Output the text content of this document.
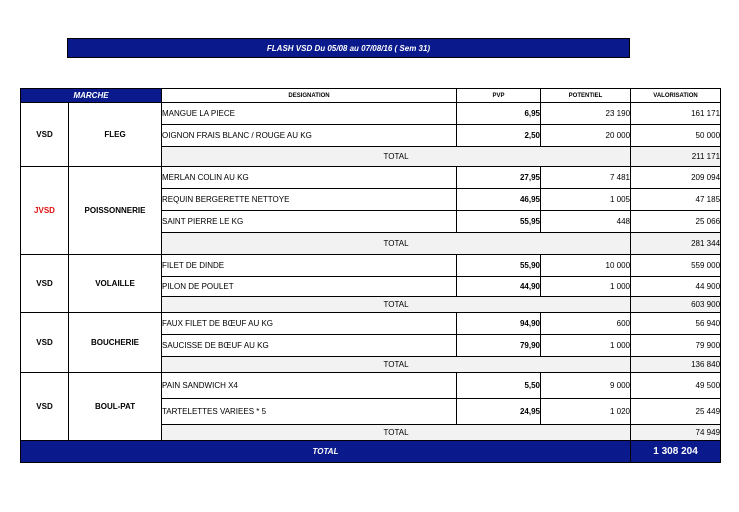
FLASH VSD Du 05/08 au 07/08/16 ( Sem 31)
MARCHE		DESIGNATION	PVP	POTENTIEL	VALORISATION
VSD	FLEG	MANGUE LA PIECE	6,95	23 190	161 171
		OIGNON FRAIS BLANC / ROUGE AU KG	2,50	20 000	50 000
		TOTAL			211 171
JVSD	POISSONNERIE	MERLAN COLIN AU KG	27,95	7 481	209 094
		REQUIN BERGERETTE NETTOYE	46,95	1 005	47 185
		SAINT PIERRE LE KG	55,95	448	25 066
		TOTAL			281 344
VSD	VOLAILLE	FILET DE DINDE	55,90	10 000	559 000
		PILON DE POULET	44,90	1 000	44 900
		TOTAL			603 900
VSD	BOUCHERIE	FAUX FILET DE BŒUF AU KG	94,90	600	56 940
		SAUCISSE DE BŒUF AU KG	79,90	1 000	79 900
		TOTAL			136 840
VSD	BOUL-PAT	PAIN SANDWICH X4	5,50	9 000	49 500
		TARTELETTES VARIEES * 5	24,95	1 020	25 449
		TOTAL			74 949
TOTAL					1 308 204
